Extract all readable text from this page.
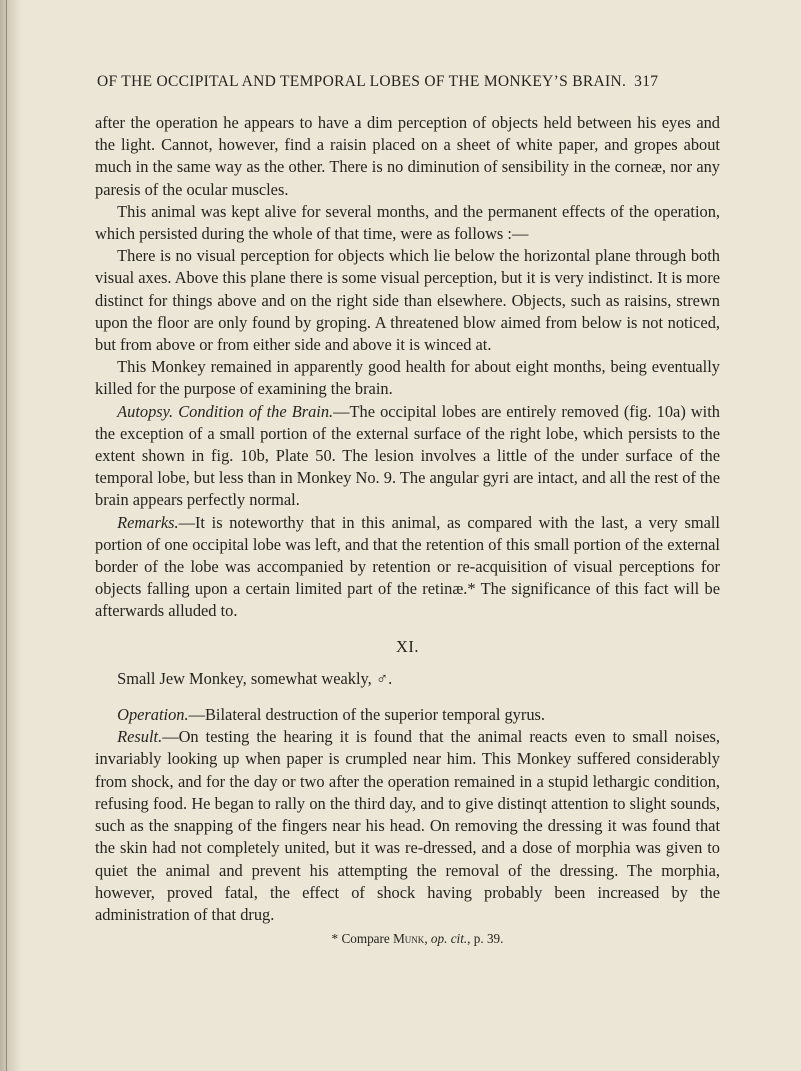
OF THE OCCIPITAL AND TEMPORAL LOBES OF THE MONKEY’S BRAIN. 317

after the operation he appears to have a dim perception of objects held between his eyes and the light. Cannot, however, find a raisin placed on a sheet of white paper, and gropes about much in the same way as the other. There is no diminution of sensibility in the corneæ, nor any paresis of the ocular muscles.

This animal was kept alive for several months, and the permanent effects of the operation, which persisted during the whole of that time, were as follows :—

There is no visual perception for objects which lie below the horizontal plane through both visual axes. Above this plane there is some visual perception, but it is very indistinct. It is more distinct for things above and on the right side than elsewhere. Objects, such as raisins, strewn upon the floor are only found by groping. A threatened blow aimed from below is not noticed, but from above or from either side and above it is winced at.

This Monkey remained in apparently good health for about eight months, being eventually killed for the purpose of examining the brain.

Autopsy. Condition of the Brain.—The occipital lobes are entirely removed (fig. 10a) with the exception of a small portion of the external surface of the right lobe, which persists to the extent shown in fig. 10b, Plate 50. The lesion involves a little of the under surface of the temporal lobe, but less than in Monkey No. 9. The angular gyri are intact, and all the rest of the brain appears perfectly normal.

Remarks.—It is noteworthy that in this animal, as compared with the last, a very small portion of one occipital lobe was left, and that the retention of this small portion of the external border of the lobe was accompanied by retention or re-acquisition of visual perceptions for objects falling upon a certain limited part of the retinæ.* The significance of this fact will be afterwards alluded to.

XI.

Small Jew Monkey, somewhat weakly, ♂.

Operation.—Bilateral destruction of the superior temporal gyrus.

Result.—On testing the hearing it is found that the animal reacts even to small noises, invariably looking up when paper is crumpled near him. This Monkey suffered considerably from shock, and for the day or two after the operation remained in a stupid lethargic condition, refusing food. He began to rally on the third day, and to give distinqt attention to slight sounds, such as the snapping of the fingers near his head. On removing the dressing it was found that the skin had not completely united, but it was re-dressed, and a dose of morphia was given to quiet the animal and prevent his attempting the removal of the dressing. The morphia, however, proved fatal, the effect of shock having probably been increased by the administration of that drug.

* Compare Munk, op. cit., p. 39.
